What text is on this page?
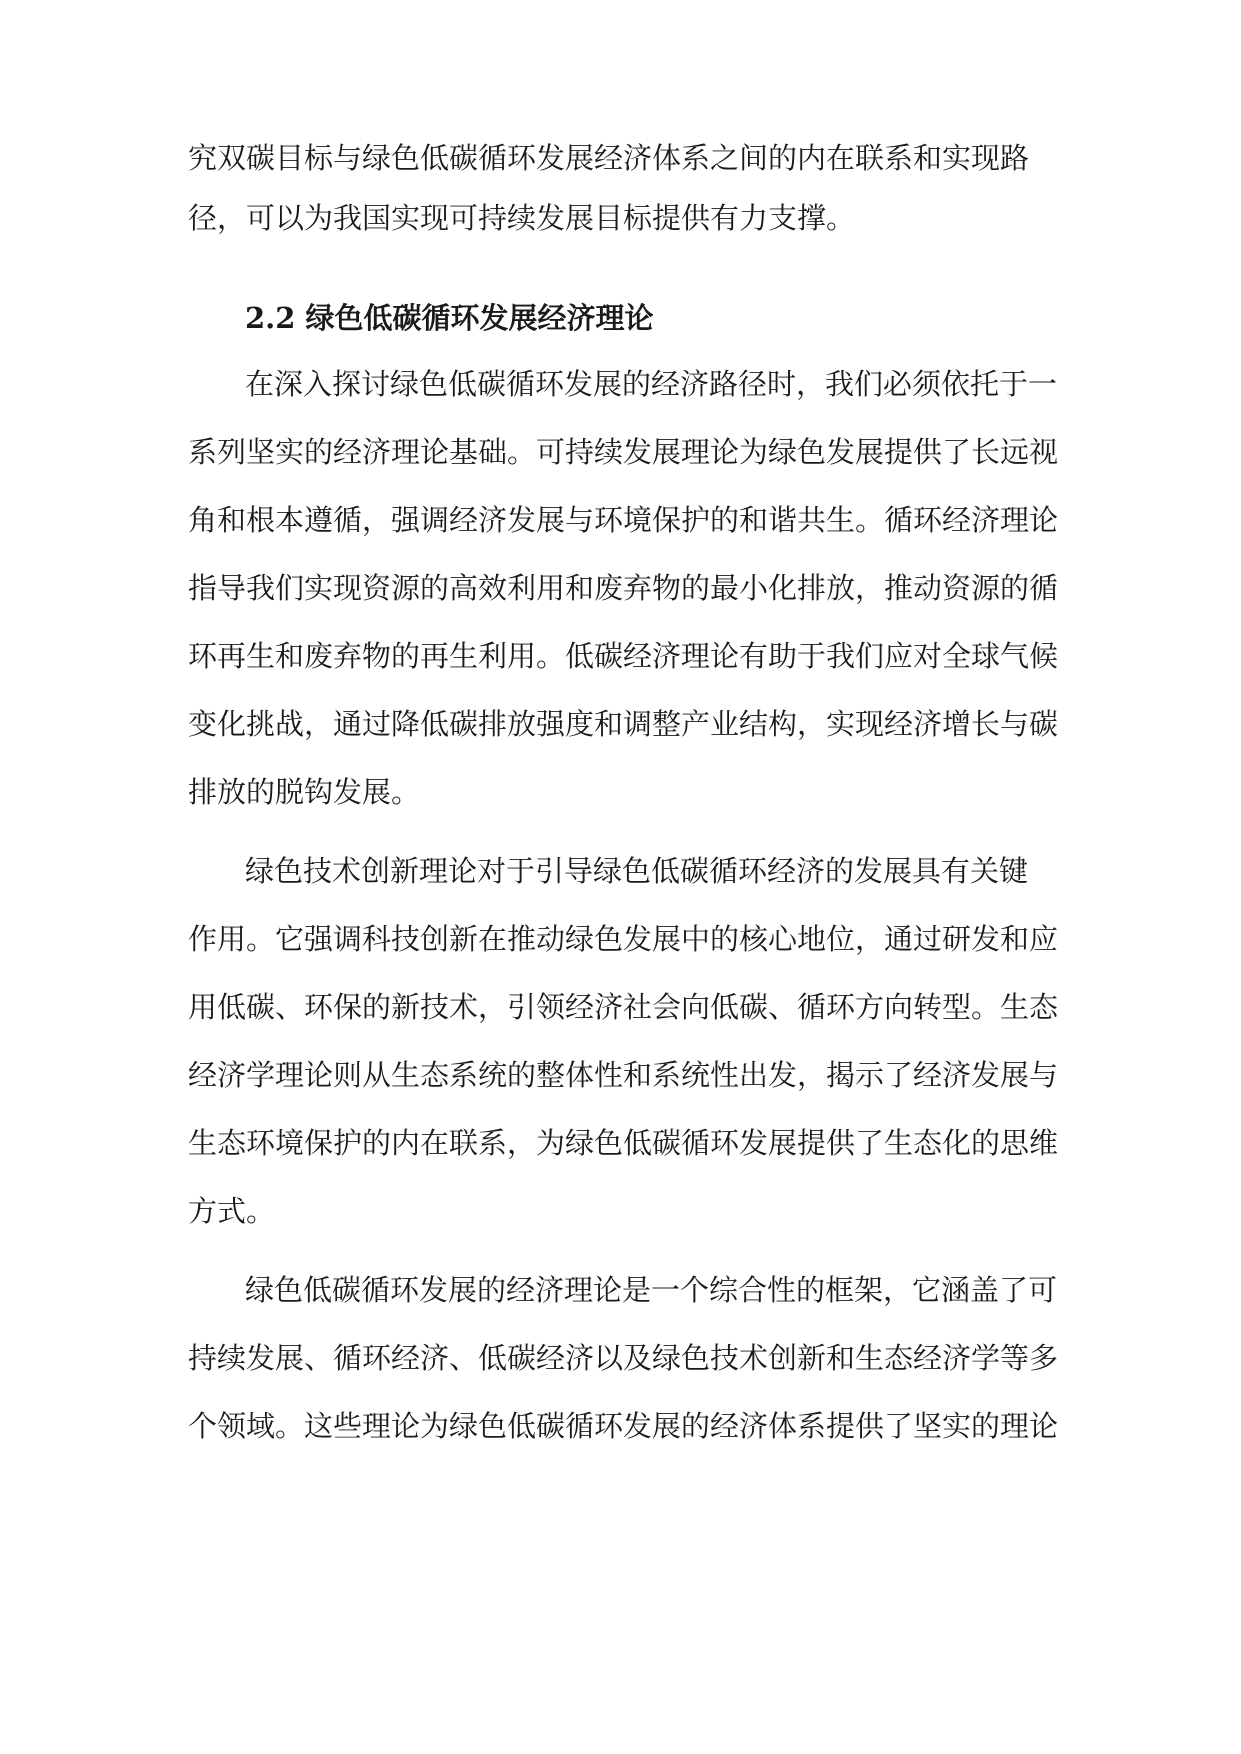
究双碳目标与绿色低碳循环发展经济体系之间的内在联系和实现路
径，可以为我国实现可持续发展目标提供有力支撑。
2.2 绿色低碳循环发展经济理论
在深入探讨绿色低碳循环发展的经济路径时，我们必须依托于一
系列坚实的经济理论基础。可持续发展理论为绿色发展提供了长远视
角和根本遵循，强调经济发展与环境保护的和谐共生。循环经济理论
指导我们实现资源的高效利用和废弃物的最小化排放，推动资源的循
环再生和废弃物的再生利用。低碳经济理论有助于我们应对全球气候
变化挑战，通过降低碳排放强度和调整产业结构，实现经济增长与碳
排放的脱钩发展。
绿色技术创新理论对于引导绿色低碳循环经济的发展具有关键
作用。它强调科技创新在推动绿色发展中的核心地位，通过研发和应
用低碳、环保的新技术，引领经济社会向低碳、循环方向转型。生态
经济学理论则从生态系统的整体性和系统性出发，揭示了经济发展与
生态环境保护的内在联系，为绿色低碳循环发展提供了生态化的思维
方式。
绿色低碳循环发展的经济理论是一个综合性的框架，它涵盖了可
持续发展、循环经济、低碳经济以及绿色技术创新和生态经济学等多
个领域。这些理论为绿色低碳循环发展的经济体系提供了坚实的理论
